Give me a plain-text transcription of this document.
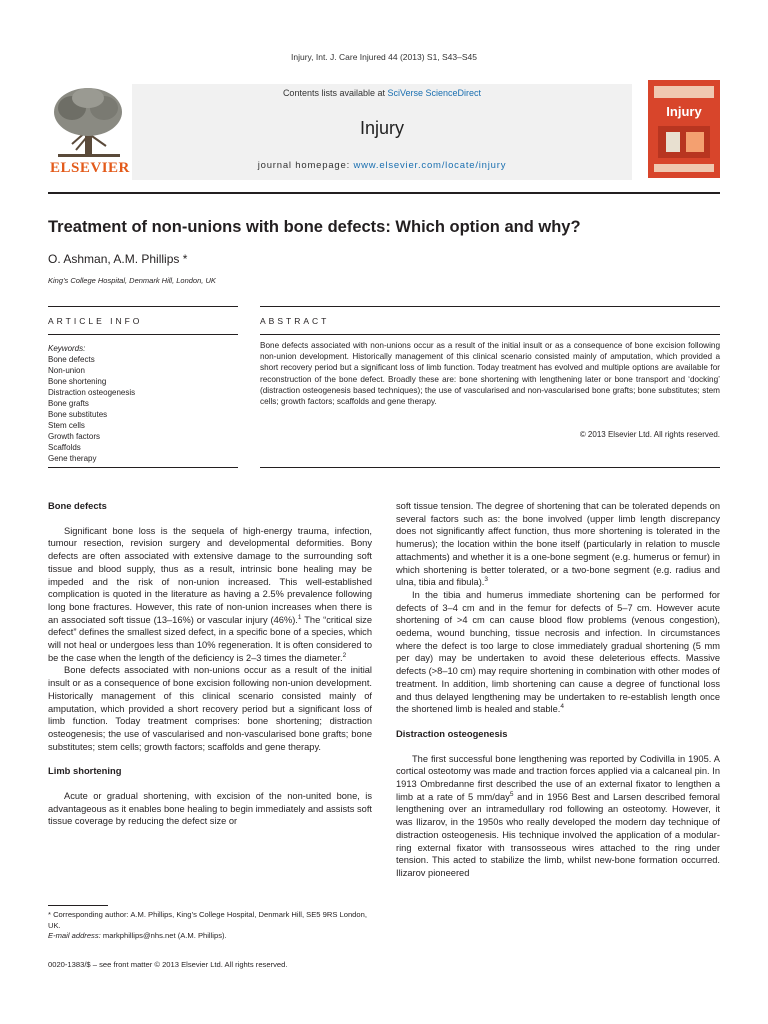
Injury, Int. J. Care Injured 44 (2013) S1, S43–S45
ELSEVIER
Contents lists available at SciVerse ScienceDirect
Injury
journal homepage: www.elsevier.com/locate/injury
Injury
Treatment of non-unions with bone defects: Which option and why?
O. Ashman, A.M. Phillips *
King’s College Hospital, Denmark Hill, London, UK
ARTICLE INFO	ABSTRACT
Keywords:
Bone defects
Non-union
Bone shortening
Distraction osteogenesis
Bone grafts
Bone substitutes
Stem cells
Growth factors
Scaffolds
Gene therapy
Bone defects associated with non-unions occur as a result of the initial insult or as a consequence of bone excision following non-union development. Historically management of this clinical scenario consisted mainly of amputation, which provided a short recovery period but a significant loss of limb function. Today treatment has evolved and multiple options are available for reconstruction of the bone defect. Broadly these are: bone shortening with lengthening later or bone transport and ‘docking’ (distraction osteogenesis based techniques); the use of vascularised and non-vascularised bone grafts; bone substitutes; stem cells; growth factors; scaffolds and gene therapy.
© 2013 Elsevier Ltd. All rights reserved.
Bone defects

Significant bone loss is the sequela of high-energy trauma, infection, tumour resection, revision surgery and developmental deformities. Bony defects are often associated with extensive damage to the surrounding soft tissue and blood supply, thus as a result, intrinsic bone healing may be impeded and the risk of non-union increased. This well-established complication is quoted in the literature as having a 2.5% prevalence following long bone fractures. However, this rate of non-union increases when there is an associated soft tissue (13–16%) or vascular injury (46%).$^1$ The “critical size defect” defines the smallest sized defect, in a specific bone of a species, which will not heal or undergoes less than 10% regeneration. It is often considered to be the case when the length of the deficiency is 2–3 times the diameter.$^2$

Bone defects associated with non-unions occur as a result of the initial insult or as a consequence of bone excision following non-union development. Historically management of this clinical scenario consisted mainly of amputation, which provided a short recovery period but a significant loss of limb function. Today treatment comprises: bone shortening; distraction osteogenesis; the use of vascularised and non-vascularised bone grafts; bone substitutes; stem cells; growth factors; scaffolds and gene therapy.

Limb shortening

Acute or gradual shortening, with excision of the non-united bone, is advantageous as it enables bone healing to begin immediately and assists soft tissue coverage by reducing the defect size or

soft tissue tension. The degree of shortening that can be tolerated depends on several factors such as: the bone involved (upper limb length discrepancy does not significantly affect function, thus more shortening is tolerated in the humerus); the location within the bone itself (particularly in relation to muscle attachments) and whether it is a one-bone segment (e.g. humerus or femur) in which shortening is better tolerated, or a two-bone segment (e.g. radius and ulna, tibia and fibula).$^3$

In the tibia and humerus immediate shortening can be performed for defects of 3–4 cm and in the femur for defects of 5–7 cm. However acute shortening of >4 cm can cause blood flow problems (venous congestion), oedema, wound bunching, tissue necrosis and infection. In circumstances where the defect is too large to close immediately gradual shortening (5 mm per day) may be undertaken to avoid these deleterious effects. Massive defects (>8–10 cm) may require shortening in combination with other modes of treatment. In addition, limb shortening can cause a degree of functional loss and thus delayed lengthening may be undertaken to re-establish length once the shortened limb is healed and stable.$^4$

Distraction osteogenesis

The first successful bone lengthening was reported by Codivilla in 1905. A cortical osteotomy was made and traction forces applied via a calcaneal pin. In 1913 Ombredanne first described the use of an external fixator to lengthen a limb at a rate of 5 mm/day$^5$ and in 1956 Best and Larsen described femoral lengthening over an intramedullary rod following an osteotomy. However, it was Ilizarov, in the 1950s who really developed the modern day technique of distraction osteogenesis. His technique involved the application of a modular-ring external fixator with transosseous wires attached to the ring under tension. This acted to stabilize the limb, whilst new-bone formation occurred. Ilizarov pioneered

* Corresponding author: A.M. Phillips, King’s College Hospital, Denmark Hill, SE5 9RS London, UK.
E-mail address: markphillips@nhs.net (A.M. Phillips).
0020-1383/$ – see front matter © 2013 Elsevier Ltd. All rights reserved.
